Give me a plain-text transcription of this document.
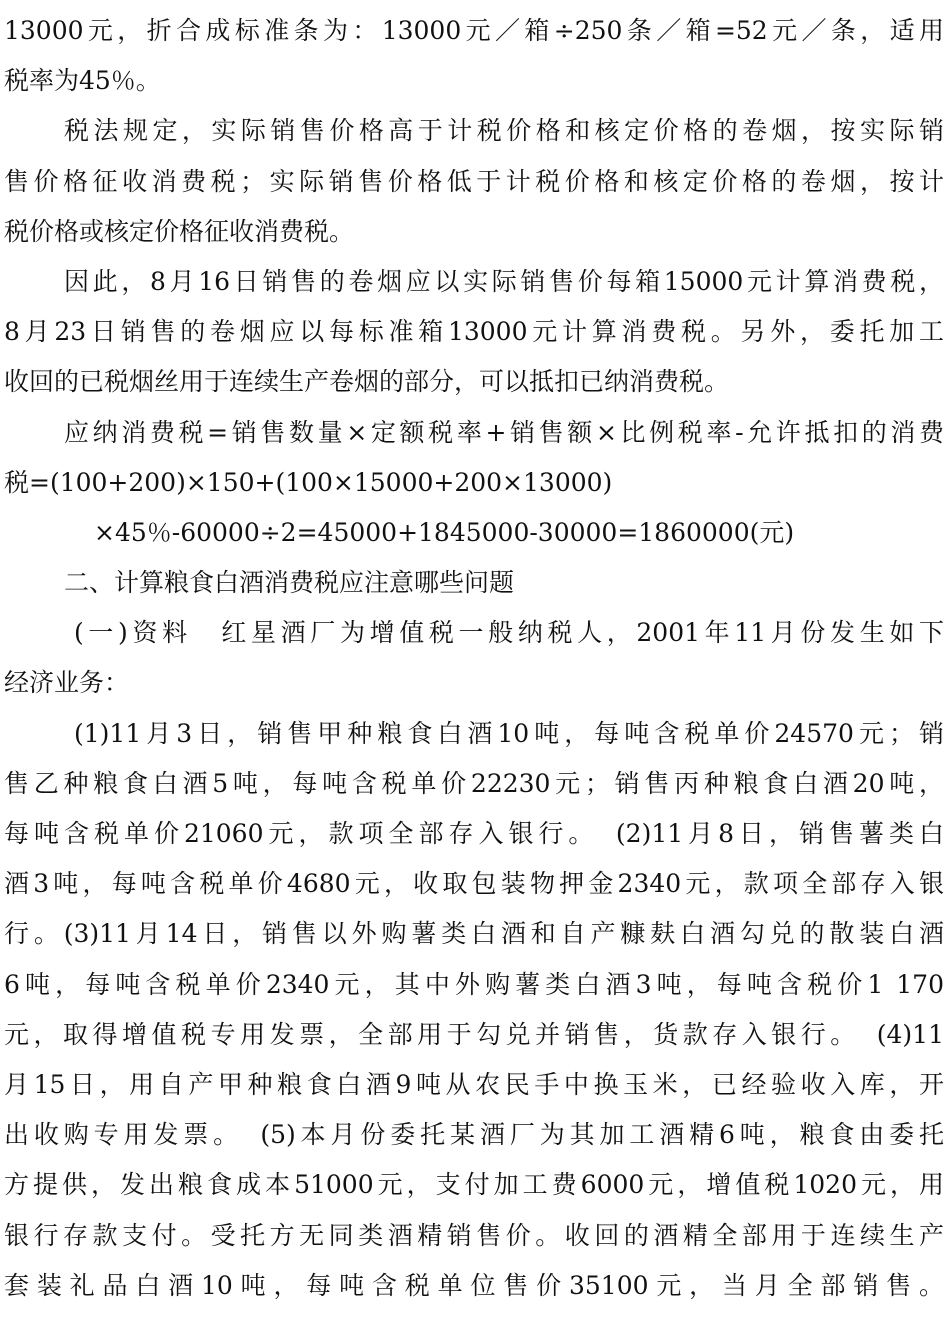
13000元，折合成标准条为：13000元／箱÷250条／箱=52元／条，适用
税率为45％。
税法规定，实际销售价格高于计税价格和核定价格的卷烟，按实际销
售价格征收消费税；实际销售价格低于计税价格和核定价格的卷烟，按计
税价格或核定价格征收消费税。
因此，8月16日销售的卷烟应以实际销售价每箱15000元计算消费税，
8月23日销售的卷烟应以每标准箱13000元计算消费税。另外，委托加工
收回的已税烟丝用于连续生产卷烟的部分，可以抵扣已纳消费税。
应纳消费税=销售数量×定额税率+销售额×比例税率-允许抵扣的消费
税=(100+200)×150+(100×15000+200×13000)
×45％-60000÷2=45000+1845000-30000=1860000(元)
二、计算粮食白酒消费税应注意哪些问题
(一)资料　红星酒厂为增值税一般纳税人，2001年11月份发生如下
经济业务：
(1)11月3日，销售甲种粮食白酒10吨，每吨含税单价24570元；销
售乙种粮食白酒5吨，每吨含税单价22230元；销售丙种粮食白酒20吨，
每吨含税单价21060元，款项全部存入银行。　(2)11月8日，销售薯类白
酒3吨，每吨含税单价4680元，收取包装物押金2340元，款项全部存入银
行。(3)11月14日，销售以外购薯类白酒和自产糠麸白酒勾兑的散装白酒
6吨，每吨含税单价2340元，其中外购薯类白酒3吨，每吨含税价1 170
元，取得增值税专用发票，全部用于勾兑并销售，货款存入银行。　(4)11
月15日，用自产甲种粮食白酒9吨从农民手中换玉米，已经验收入库，开
出收购专用发票。　(5)本月份委托某酒厂为其加工酒精6吨，粮食由委托
方提供，发出粮食成本51000元，支付加工费6000元，增值税1020元，用
银行存款支付。受托方无同类酒精销售价。收回的酒精全部用于连续生产
套装礼品白酒10吨，每吨含税单位售价35100元，当月全部销售。
